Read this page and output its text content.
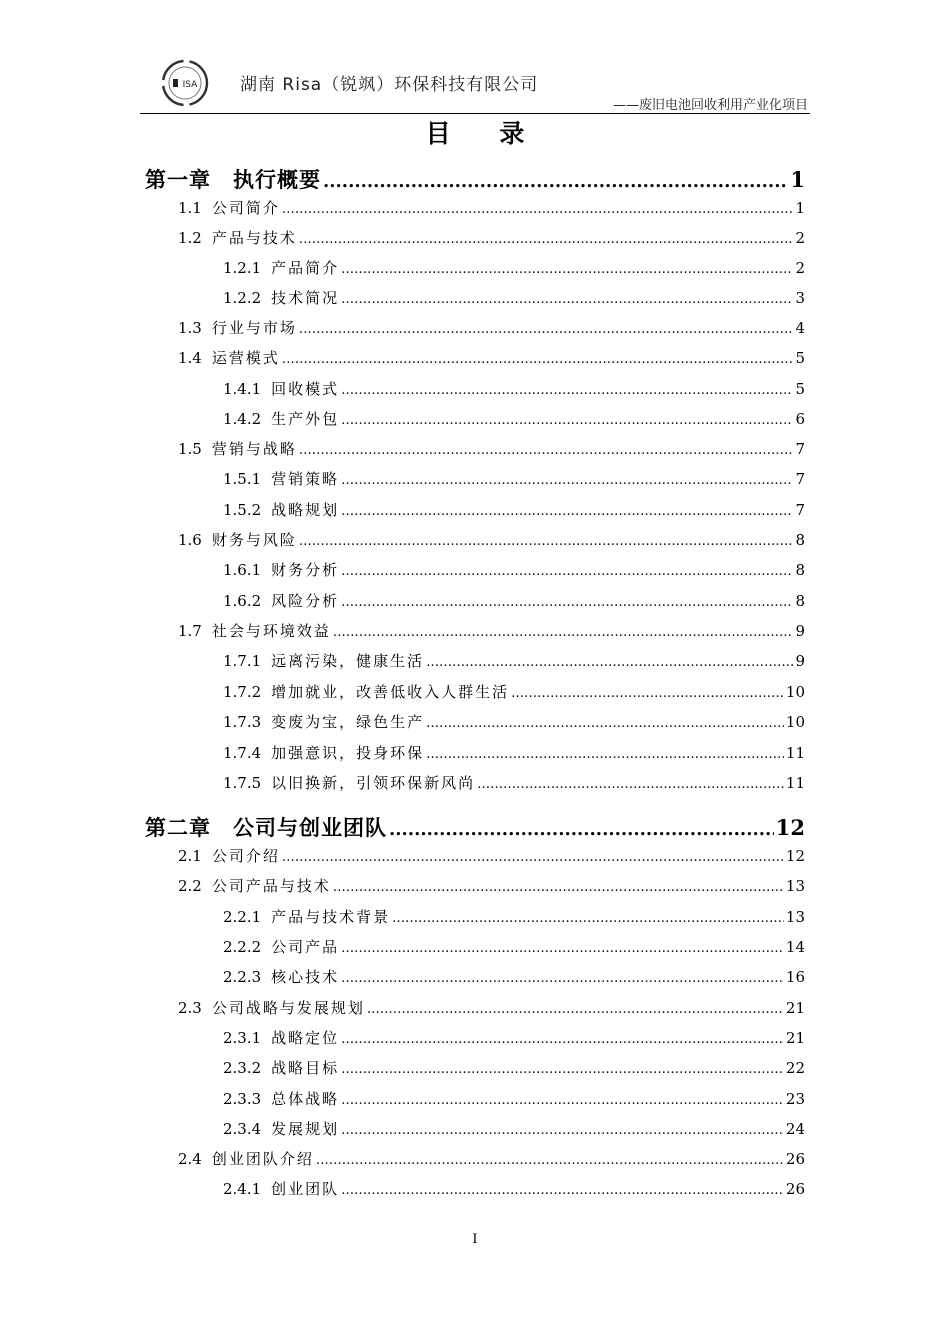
ISA	湖南 Risa（锐飒）环保科技有限公司
——废旧电池回收利用产业化项目
目 录
第一章 执行概要 .....	1
1.1 公司简介 .....	1
1.2 产品与技术 .....	2
1.2.1 产品简介 .....	2
1.2.2 技术简况 .....	3
1.3 行业与市场 .....	4
1.4 运营模式 .....	5
1.4.1 回收模式 .....	5
1.4.2 生产外包 .....	6
1.5 营销与战略 .....	7
1.5.1 营销策略 .....	7
1.5.2 战略规划 .....	7
1.6 财务与风险 .....	8
1.6.1 财务分析 .....	8
1.6.2 风险分析 .....	8
1.7 社会与环境效益 .....	9
1.7.1 远离污染，健康生活 .....	9
1.7.2 增加就业，改善低收入人群生活 .....	10
1.7.3 变废为宝，绿色生产 .....	10
1.7.4 加强意识，投身环保 .....	11
1.7.5 以旧换新，引领环保新风尚 .....	11
第二章 公司与创业团队 .....	12
2.1 公司介绍 .....	12
2.2 公司产品与技术 .....	13
2.2.1 产品与技术背景 .....	13
2.2.2 公司产品 .....	14
2.2.3 核心技术 .....	16
2.3 公司战略与发展规划 .....	21
2.3.1 战略定位 .....	21
2.3.2 战略目标 .....	22
2.3.3 总体战略 .....	23
2.3.4 发展规划 .....	24
2.4 创业团队介绍 .....	26
2.4.1 创业团队 .....	26
I
